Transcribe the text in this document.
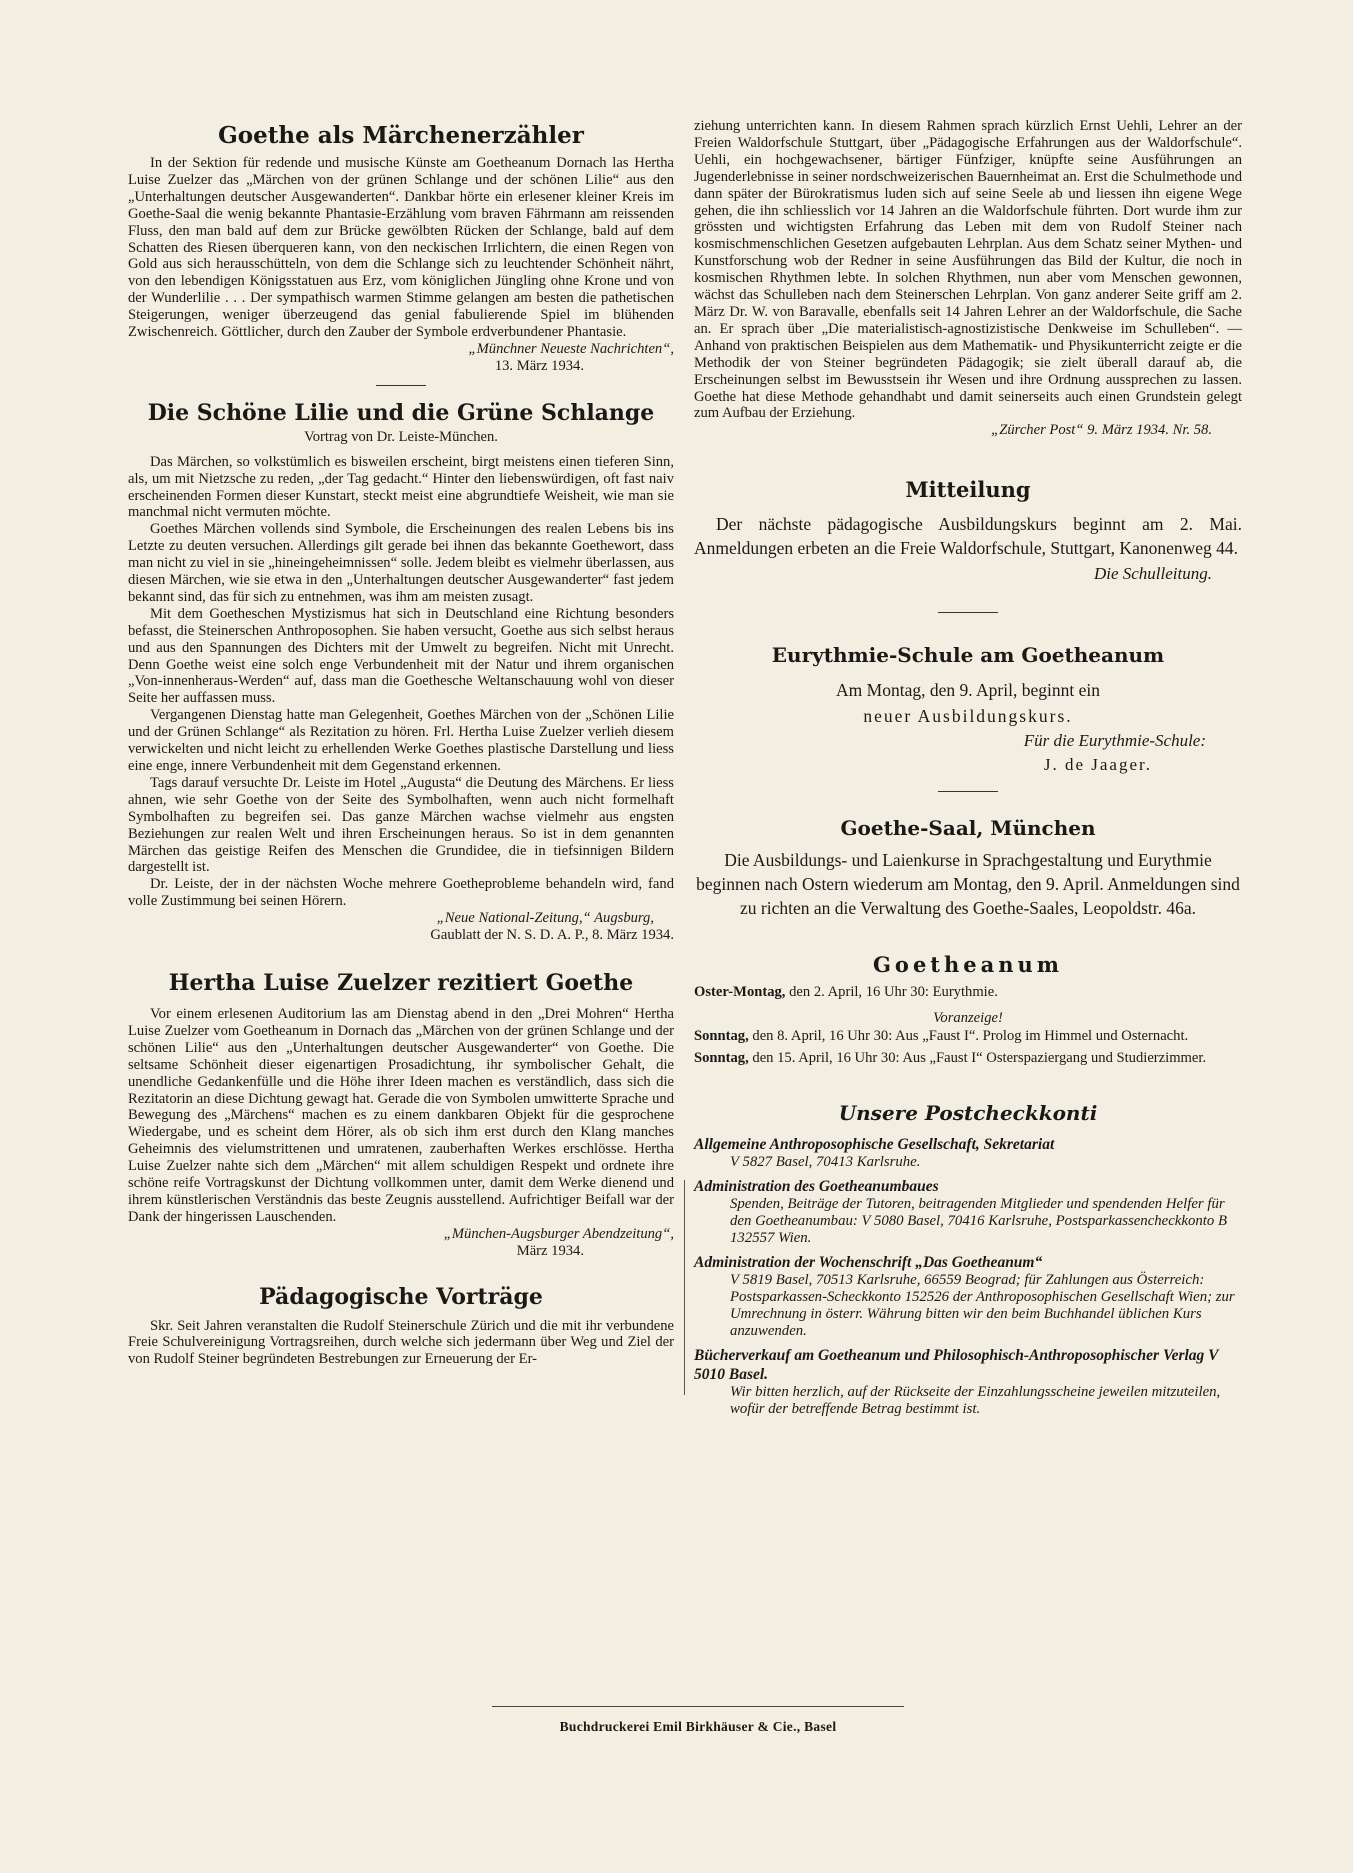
Goethe als Märchenerzähler

In der Sektion für redende und musische Künste am Goetheanum Dornach las Hertha Luise Zuelzer das „Märchen von der grünen Schlange und der schönen Lilie“ aus den „Unterhaltungen deutscher Ausgewanderten“. Dankbar hörte ein erlesener kleiner Kreis im Goethe-Saal die wenig bekannte Phantasie-Erzählung vom braven Fährmann am reissenden Fluss, den man bald auf dem zur Brücke gewölbten Rücken der Schlange, bald auf dem Schatten des Riesen überqueren kann, von den neckischen Irrlichtern, die einen Regen von Gold aus sich herausschütteln, von dem die Schlange sich zu leuchtender Schönheit nährt, von den lebendigen Königsstatuen aus Erz, vom königlichen Jüngling ohne Krone und von der Wunderlilie . . . Der sympathisch warmen Stimme gelangen am besten die pathetischen Steigerungen, weniger überzeugend das genial fabulierende Spiel im blühenden Zwischenreich. Göttlicher, durch den Zauber der Symbole erdverbundener Phantasie.

„Münchner Neueste Nachrichten“,

13. März 1934.

Die Schöne Lilie und die Grüne Schlange

Vortrag von Dr. Leiste-München.

Das Märchen, so volkstümlich es bisweilen erscheint, birgt meistens einen tieferen Sinn, als, um mit Nietzsche zu reden, „der Tag gedacht.“ Hinter den liebenswürdigen, oft fast naiv erscheinenden Formen dieser Kunstart, steckt meist eine abgrundtiefe Weisheit, wie man sie manchmal nicht vermuten möchte.

Goethes Märchen vollends sind Symbole, die Erscheinungen des realen Lebens bis ins Letzte zu deuten versuchen. Allerdings gilt gerade bei ihnen das bekannte Goethewort, dass man nicht zu viel in sie „hineingeheimnissen“ solle. Jedem bleibt es vielmehr überlassen, aus diesen Märchen, wie sie etwa in den „Unterhaltungen deutscher Ausgewanderter“ fast jedem bekannt sind, das für sich zu entnehmen, was ihm am meisten zusagt.

Mit dem Goetheschen Mystizismus hat sich in Deutschland eine Richtung besonders befasst, die Steinerschen Anthroposophen. Sie haben versucht, Goethe aus sich selbst heraus und aus den Spannungen des Dichters mit der Umwelt zu begreifen. Nicht mit Unrecht. Denn Goethe weist eine solch enge Verbundenheit mit der Natur und ihrem organischen „Von-innenheraus-Werden“ auf, dass man die Goethesche Weltanschauung wohl von dieser Seite her auffassen muss.

Vergangenen Dienstag hatte man Gelegenheit, Goethes Märchen von der „Schönen Lilie und der Grünen Schlange“ als Rezitation zu hören. Frl. Hertha Luise Zuelzer verlieh diesem verwickelten und nicht leicht zu erhellenden Werke Goethes plastische Darstellung und liess eine enge, innere Verbundenheit mit dem Gegenstand erkennen.

Tags darauf versuchte Dr. Leiste im Hotel „Augusta“ die Deutung des Märchens. Er liess ahnen, wie sehr Goethe von der Seite des Symbolhaften, wenn auch nicht formelhaft Symbolhaften zu begreifen sei. Das ganze Märchen wachse vielmehr aus engsten Beziehungen zur realen Welt und ihren Erscheinungen heraus. So ist in dem genannten Märchen das geistige Reifen des Menschen die Grundidee, die in tiefsinnigen Bildern dargestellt ist.

Dr. Leiste, der in der nächsten Woche mehrere Goetheprobleme behandeln wird, fand volle Zustimmung bei seinen Hörern.

„Neue National-Zeitung,“ Augsburg,

Gaublatt der N. S. D. A. P., 8. März 1934.

Hertha Luise Zuelzer rezitiert Goethe

Vor einem erlesenen Auditorium las am Dienstag abend in den „Drei Mohren“ Hertha Luise Zuelzer vom Goetheanum in Dornach das „Märchen von der grünen Schlange und der schönen Lilie“ aus den „Unterhaltungen deutscher Ausgewanderter“ von Goethe. Die seltsame Schönheit dieser eigenartigen Prosadichtung, ihr symbolischer Gehalt, die unendliche Gedankenfülle und die Höhe ihrer Ideen machen es verständlich, dass sich die Rezitatorin an diese Dichtung gewagt hat. Gerade die von Symbolen umwitterte Sprache und Bewegung des „Märchens“ machen es zu einem dankbaren Objekt für die gesprochene Wiedergabe, und es scheint dem Hörer, als ob sich ihm erst durch den Klang manches Geheimnis des vielumstrittenen und umratenen, zauberhaften Werkes erschlösse. Hertha Luise Zuelzer nahte sich dem „Märchen“ mit allem schuldigen Respekt und ordnete ihre schöne reife Vortragskunst der Dichtung vollkommen unter, damit dem Werke dienend und ihrem künstlerischen Verständnis das beste Zeugnis ausstellend. Aufrichtiger Beifall war der Dank der hingerissen Lauschenden.

„München-Augsburger Abendzeitung“,

März 1934.

Pädagogische Vorträge

Skr. Seit Jahren veranstalten die Rudolf Steinerschule Zürich und die mit ihr verbundene Freie Schulvereinigung Vortragsreihen, durch welche sich jedermann über Weg und Ziel der von Rudolf Steiner begründeten Bestrebungen zur Erneuerung der Er-

ziehung unterrichten kann. In diesem Rahmen sprach kürzlich Ernst Uehli, Lehrer an der Freien Waldorfschule Stuttgart, über „Pädagogische Erfahrungen aus der Waldorfschule“. Uehli, ein hochgewachsener, bärtiger Fünfziger, knüpfte seine Ausführungen an Jugenderlebnisse in seiner nordschweizerischen Bauernheimat an. Erst die Schulmethode und dann später der Bürokratismus luden sich auf seine Seele ab und liessen ihn eigene Wege gehen, die ihn schliesslich vor 14 Jahren an die Waldorfschule führten. Dort wurde ihm zur grössten und wichtigsten Erfahrung das Leben mit dem von Rudolf Steiner nach kosmischmenschlichen Gesetzen aufgebauten Lehrplan. Aus dem Schatz seiner Mythen- und Kunstforschung wob der Redner in seine Ausführungen das Bild der Kultur, die noch in kosmischen Rhythmen lebte. In solchen Rhythmen, nun aber vom Menschen gewonnen, wächst das Schulleben nach dem Steinerschen Lehrplan. Von ganz anderer Seite griff am 2. März Dr. W. von Baravalle, ebenfalls seit 14 Jahren Lehrer an der Waldorfschule, die Sache an. Er sprach über „Die materialistisch-agnostizistische Denkweise im Schulleben“. — Anhand von praktischen Beispielen aus dem Mathematik- und Physikunterricht zeigte er die Methodik der von Steiner begründeten Pädagogik; sie zielt überall darauf ab, die Erscheinungen selbst im Bewusstsein ihr Wesen und ihre Ordnung aussprechen zu lassen. Goethe hat diese Methode gehandhabt und damit seinerseits auch einen Grundstein gelegt zum Aufbau der Erziehung.

„Zürcher Post“ 9. März 1934. Nr. 58.

Mitteilung

Der nächste pädagogische Ausbildungskurs beginnt am 2. Mai. Anmeldungen erbeten an die Freie Waldorfschule, Stuttgart, Kanonenweg 44.

Die Schulleitung.

Eurythmie-Schule am Goetheanum

Am Montag, den 9. April, beginnt ein

neuer Ausbildungskurs.

Für die Eurythmie-Schule:

J. de Jaager.

Goethe-Saal, München

Die Ausbildungs- und Laienkurse in Sprachgestaltung und Eurythmie beginnen nach Ostern wiederum am Montag, den 9. April. Anmeldungen sind zu richten an die Verwaltung des Goethe-Saales, Leopoldstr. 46a.

Goetheanum

Oster-Montag, den 2. April, 16 Uhr 30: Eurythmie.

Voranzeige!

Sonntag, den 8. April, 16 Uhr 30: Aus „Faust I“. Prolog im Himmel und Osternacht.

Sonntag, den 15. April, 16 Uhr 30: Aus „Faust I“ Osterspaziergang und Studierzimmer.

Unsere Postcheckkonti
Allgemeine Anthroposophische Gesellschaft, Sekretariat
V 5827 Basel, 70413 Karlsruhe.
Administration des Goetheanumbaues
Spenden, Beiträge der Tutoren, beitragenden Mitglieder und spendenden Helfer für den Goetheanumbau: V 5080 Basel, 70416 Karlsruhe, Postsparkassencheckkonto B 132557 Wien.
Administration der Wochenschrift „Das Goetheanum“
V 5819 Basel, 70513 Karlsruhe, 66559 Beograd; für Zahlungen aus Österreich: Postsparkassen-Scheckkonto 152526 der Anthroposophischen Gesellschaft Wien; zur Umrechnung in österr. Währung bitten wir den beim Buchhandel üblichen Kurs anzuwenden.
Bücherverkauf am Goetheanum und Philosophisch-Anthroposophischer Verlag V 5010 Basel.
Wir bitten herzlich, auf der Rückseite der Einzahlungsscheine jeweilen mitzuteilen, wofür der betreffende Betrag bestimmt ist.
Buchdruckerei Emil Birkhäuser & Cie., Basel
